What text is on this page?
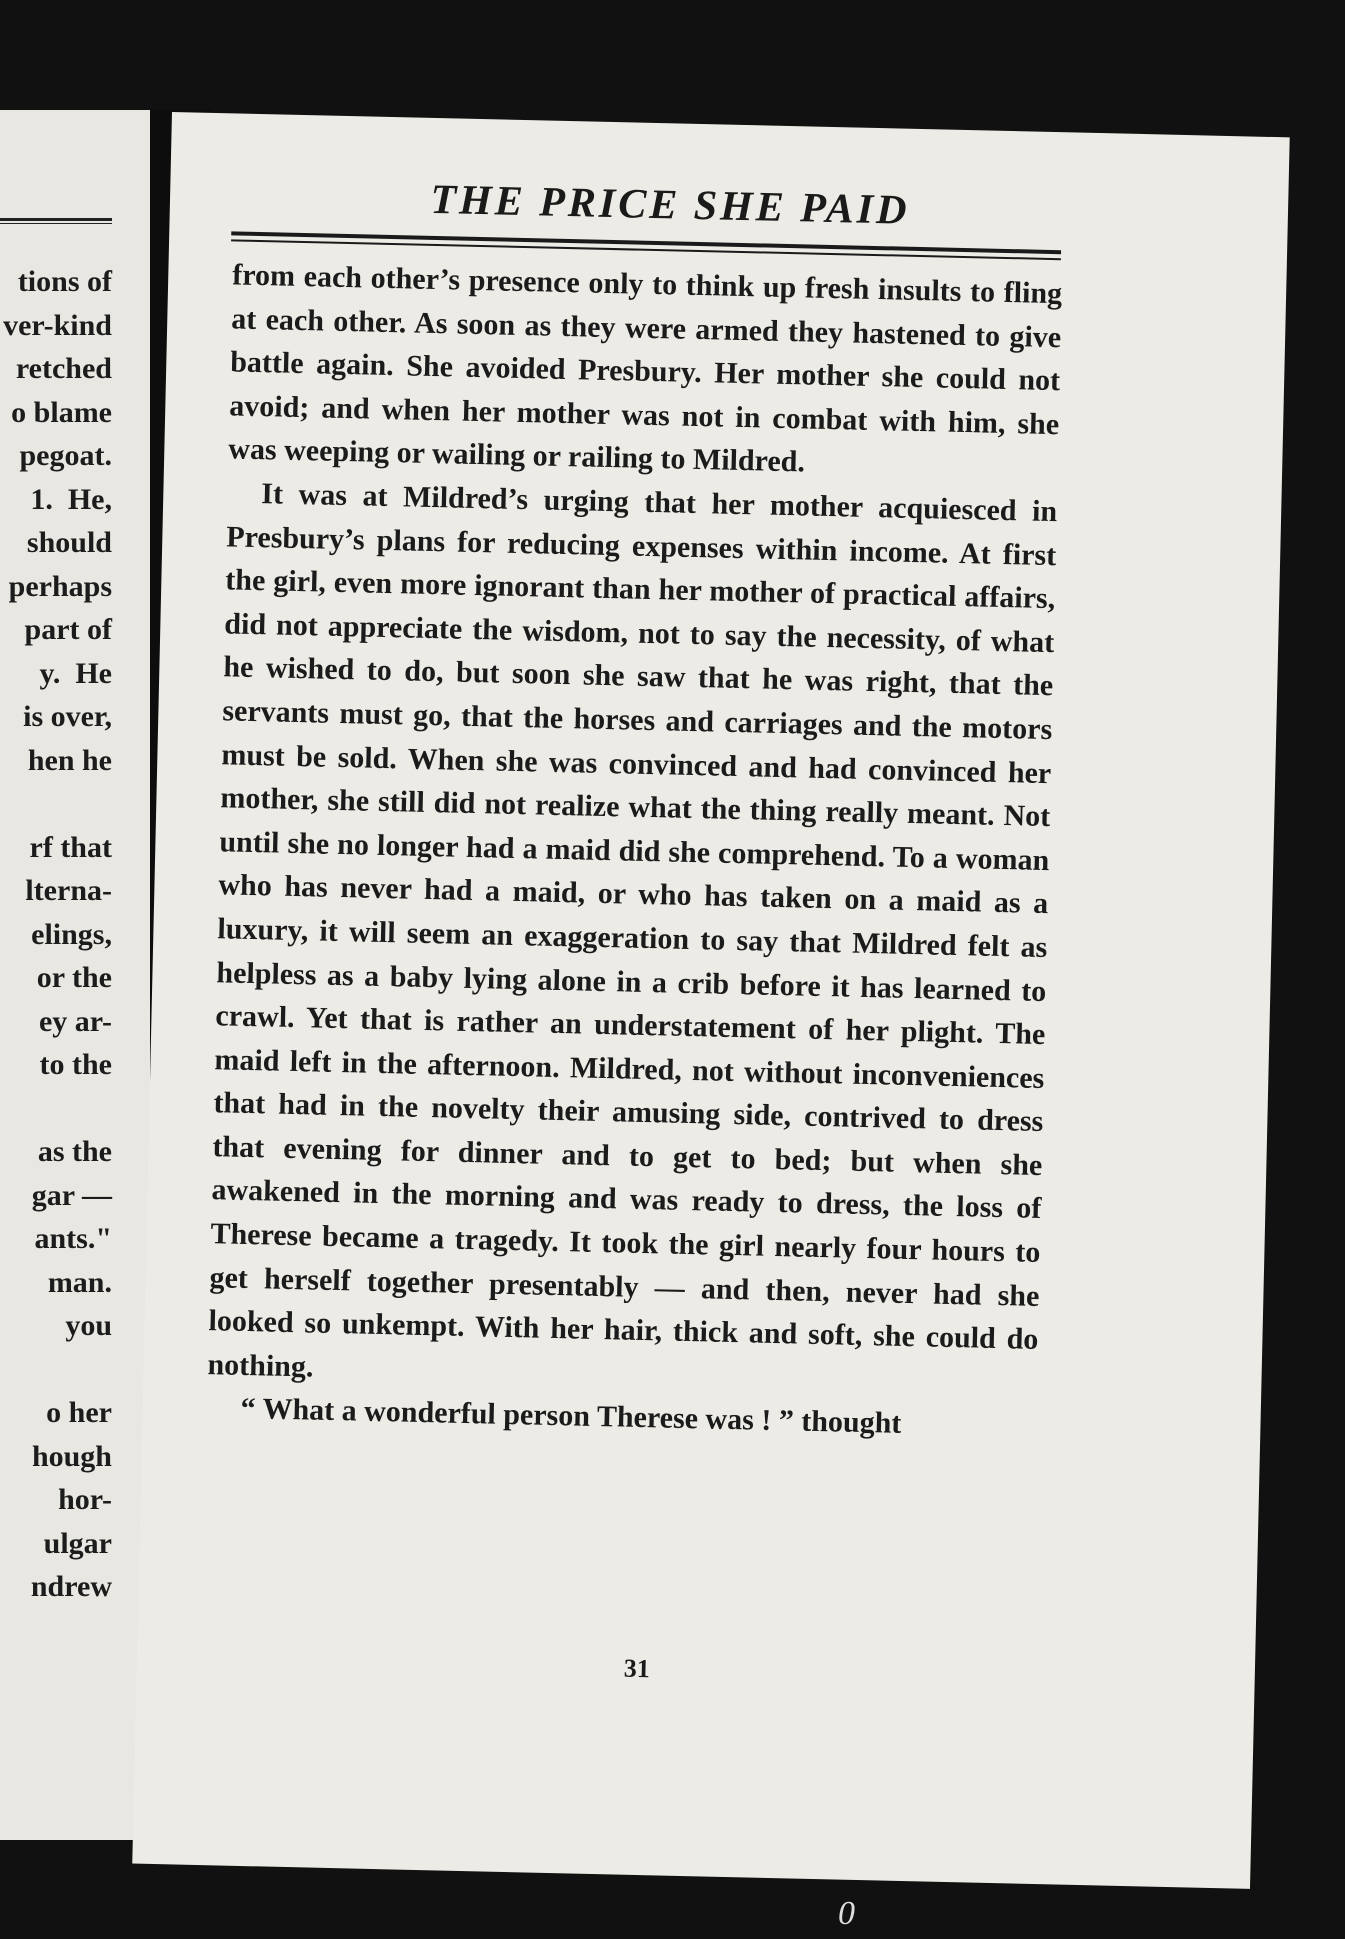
tions of
ver-kind
retched
o blame
pegoat.
1.  He,
should
perhaps
part of
y.  He
is over,
hen he

rf that
lterna-
elings,
or the
ey ar-
to the

as the
gar —
ants."
man.
you

o her
hough
hor-
ulgar
ndrew
THE PRICE SHE PAID

from each other’s presence only to think up fresh insults to fling at each other. As soon as they were armed they hastened to give battle again. She avoided Presbury. Her mother she could not avoid; and when her mother was not in combat with him, she was weeping or wailing or railing to Mildred.

It was at Mildred’s urging that her mother acquiesced in Presbury’s plans for reducing expenses within income. At first the girl, even more ignorant than her mother of practical affairs, did not appreciate the wisdom, not to say the necessity, of what he wished to do, but soon she saw that he was right, that the servants must go, that the horses and carriages and the motors must be sold. When she was convinced and had convinced her mother, she still did not realize what the thing really meant. Not until she no longer had a maid did she comprehend. To a woman who has never had a maid, or who has taken on a maid as a luxury, it will seem an exaggeration to say that Mildred felt as helpless as a baby lying alone in a crib before it has learned to crawl. Yet that is rather an understatement of her plight. The maid left in the afternoon. Mildred, not without inconveniences that had in the novelty their amusing side, contrived to dress that evening for dinner and to get to bed; but when she awakened in the morning and was ready to dress, the loss of Therese became a tragedy. It took the girl nearly four hours to get herself together presentably — and then, never had she looked so unkempt. With her hair, thick and soft, she could do nothing.

“ What a wonderful person Therese was ! ” thought

31
0
